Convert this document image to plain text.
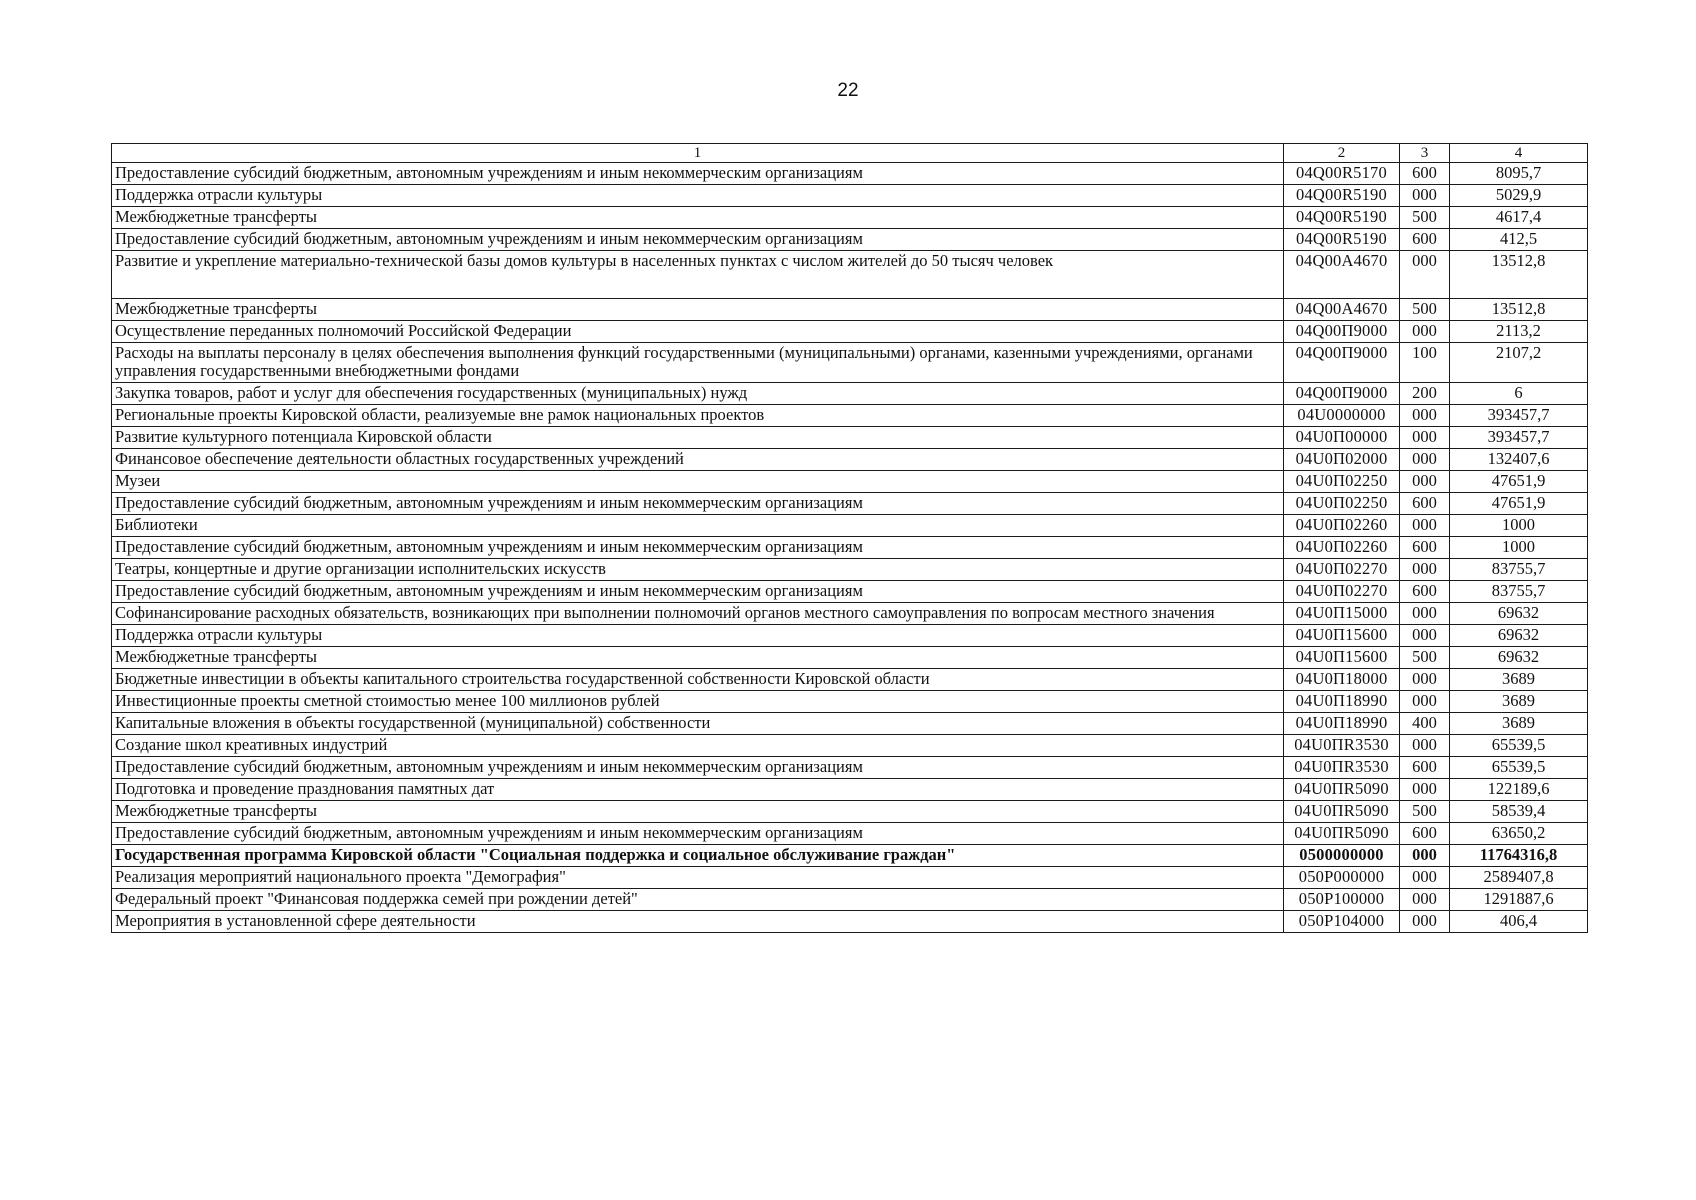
22
1	2	3	4
Предоставление субсидий бюджетным, автономным учреждениям и иным некоммерческим организациям	04Q00R5170	600	8095,7
Поддержка отрасли культуры	04Q00R5190	000	5029,9
Межбюджетные трансферты	04Q00R5190	500	4617,4
Предоставление субсидий бюджетным, автономным учреждениям и иным некоммерческим организациям	04Q00R5190	600	412,5
Развитие и укрепление материально-технической базы домов культуры в населенных пунктах с числом жителей до 50 тысяч человек	04Q00A4670	000	13512,8
Межбюджетные трансферты	04Q00A4670	500	13512,8
Осуществление переданных полномочий Российской Федерации	04Q00П9000	000	2113,2
Расходы на выплаты персоналу в целях обеспечения выполнения функций государственными (муниципальными) органами, казенными учреждениями, органами управления государственными внебюджетными фондами	04Q00П9000	100	2107,2
Закупка товаров, работ и услуг для обеспечения государственных (муниципальных) нужд	04Q00П9000	200	6
Региональные проекты Кировской области, реализуемые вне рамок национальных проектов	04U0000000	000	393457,7
Развитие культурного потенциала Кировской области	04U0П00000	000	393457,7
Финансовое обеспечение деятельности областных государственных учреждений	04U0П02000	000	132407,6
Музеи	04U0П02250	000	47651,9
Предоставление субсидий бюджетным, автономным учреждениям и иным некоммерческим организациям	04U0П02250	600	47651,9
Библиотеки	04U0П02260	000	1000
Предоставление субсидий бюджетным, автономным учреждениям и иным некоммерческим организациям	04U0П02260	600	1000
Театры, концертные и другие организации исполнительских искусств	04U0П02270	000	83755,7
Предоставление субсидий бюджетным, автономным учреждениям и иным некоммерческим организациям	04U0П02270	600	83755,7
Софинансирование расходных обязательств, возникающих при выполнении полномочий органов местного самоуправления по вопросам местного значения	04U0П15000	000	69632
Поддержка отрасли культуры	04U0П15600	000	69632
Межбюджетные трансферты	04U0П15600	500	69632
Бюджетные инвестиции в объекты капитального строительства государственной собственности Кировской области	04U0П18000	000	3689
Инвестиционные проекты сметной стоимостью менее 100 миллионов рублей	04U0П18990	000	3689
Капитальные вложения в объекты государственной (муниципальной) собственности	04U0П18990	400	3689
Создание школ креативных индустрий	04U0ПR3530	000	65539,5
Предоставление субсидий бюджетным, автономным учреждениям и иным некоммерческим организациям	04U0ПR3530	600	65539,5
Подготовка и проведение празднования памятных дат	04U0ПR5090	000	122189,6
Межбюджетные трансферты	04U0ПR5090	500	58539,4
Предоставление субсидий бюджетным, автономным учреждениям и иным некоммерческим организациям	04U0ПR5090	600	63650,2
Государственная программа Кировской области "Социальная поддержка и социальное обслуживание граждан"	0500000000	000	11764316,8
Реализация мероприятий национального проекта "Демография"	050P000000	000	2589407,8
Федеральный проект "Финансовая поддержка семей при рождении детей"	050P100000	000	1291887,6
Мероприятия в установленной сфере деятельности	050P104000	000	406,4
